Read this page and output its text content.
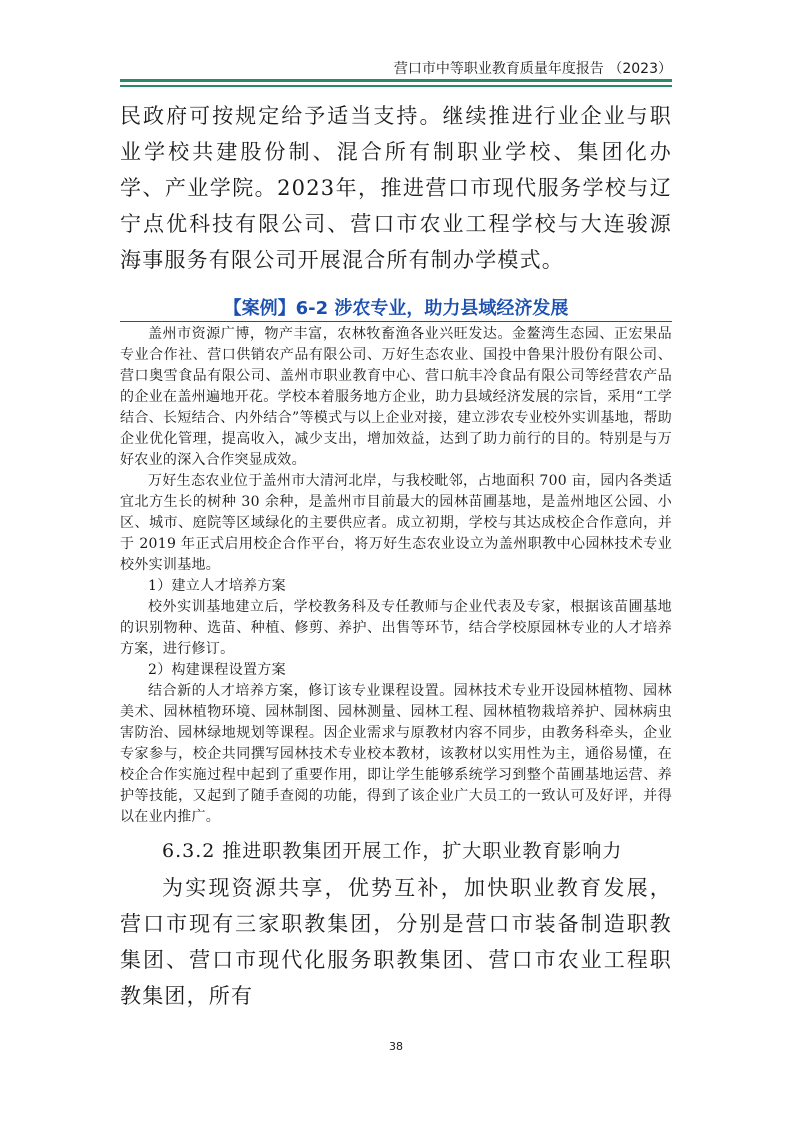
营口市中等职业教育质量年度报告 （2023）

民政府可按规定给予适当支持。继续推进行业企业与职业学校共建股份制、混合所有制职业学校、集团化办学、产业学院。2023年，推进营口市现代服务学校与辽宁点优科技有限公司、营口市农业工程学校与大连骏源海事服务有限公司开展混合所有制办学模式。

【案例】6-2 涉农专业，助力县域经济发展

盖州市资源广博，物产丰富，农林牧畜渔各业兴旺发达。金鳌湾生态园、正宏果品专业合作社、营口供销农产品有限公司、万好生态农业、国投中鲁果汁股份有限公司、营口奥雪食品有限公司、盖州市职业教育中心、营口航丰冷食品有限公司等经营农产品的企业在盖州遍地开花。学校本着服务地方企业，助力县域经济发展的宗旨，采用“工学结合、长短结合、内外结合”等模式与以上企业对接，建立涉农专业校外实训基地，帮助企业优化管理，提高收入，减少支出，增加效益，达到了助力前行的目的。特别是与万好农业的深入合作突显成效。

万好生态农业位于盖州市大清河北岸，与我校毗邻，占地面积 700 亩，园内各类适宜北方生长的树种 30 余种，是盖州市目前最大的园林苗圃基地，是盖州地区公园、小区、城市、庭院等区域绿化的主要供应者。成立初期，学校与其达成校企合作意向，并于 2019 年正式启用校企合作平台，将万好生态农业设立为盖州职教中心园林技术专业校外实训基地。

1）建立人才培养方案

校外实训基地建立后，学校教务科及专任教师与企业代表及专家，根据该苗圃基地的识别物种、选苗、种植、修剪、养护、出售等环节，结合学校原园林专业的人才培养方案，进行修订。

2）构建课程设置方案

结合新的人才培养方案，修订该专业课程设置。园林技术专业开设园林植物、园林美术、园林植物环境、园林制图、园林测量、园林工程、园林植物栽培养护、园林病虫害防治、园林绿地规划等课程。因企业需求与原教材内容不同步，由教务科牵头，企业专家参与，校企共同撰写园林技术专业校本教材，该教材以实用性为主，通俗易懂，在校企合作实施过程中起到了重要作用，即让学生能够系统学习到整个苗圃基地运营、养护等技能，又起到了随手查阅的功能，得到了该企业广大员工的一致认可及好评，并得以在业内推广。

6.3.2 推进职教集团开展工作，扩大职业教育影响力

为实现资源共享，优势互补，加快职业教育发展，营口市现有三家职教集团，分别是营口市装备制造职教集团、营口市现代化服务职教集团、营口市农业工程职教集团，所有

38
